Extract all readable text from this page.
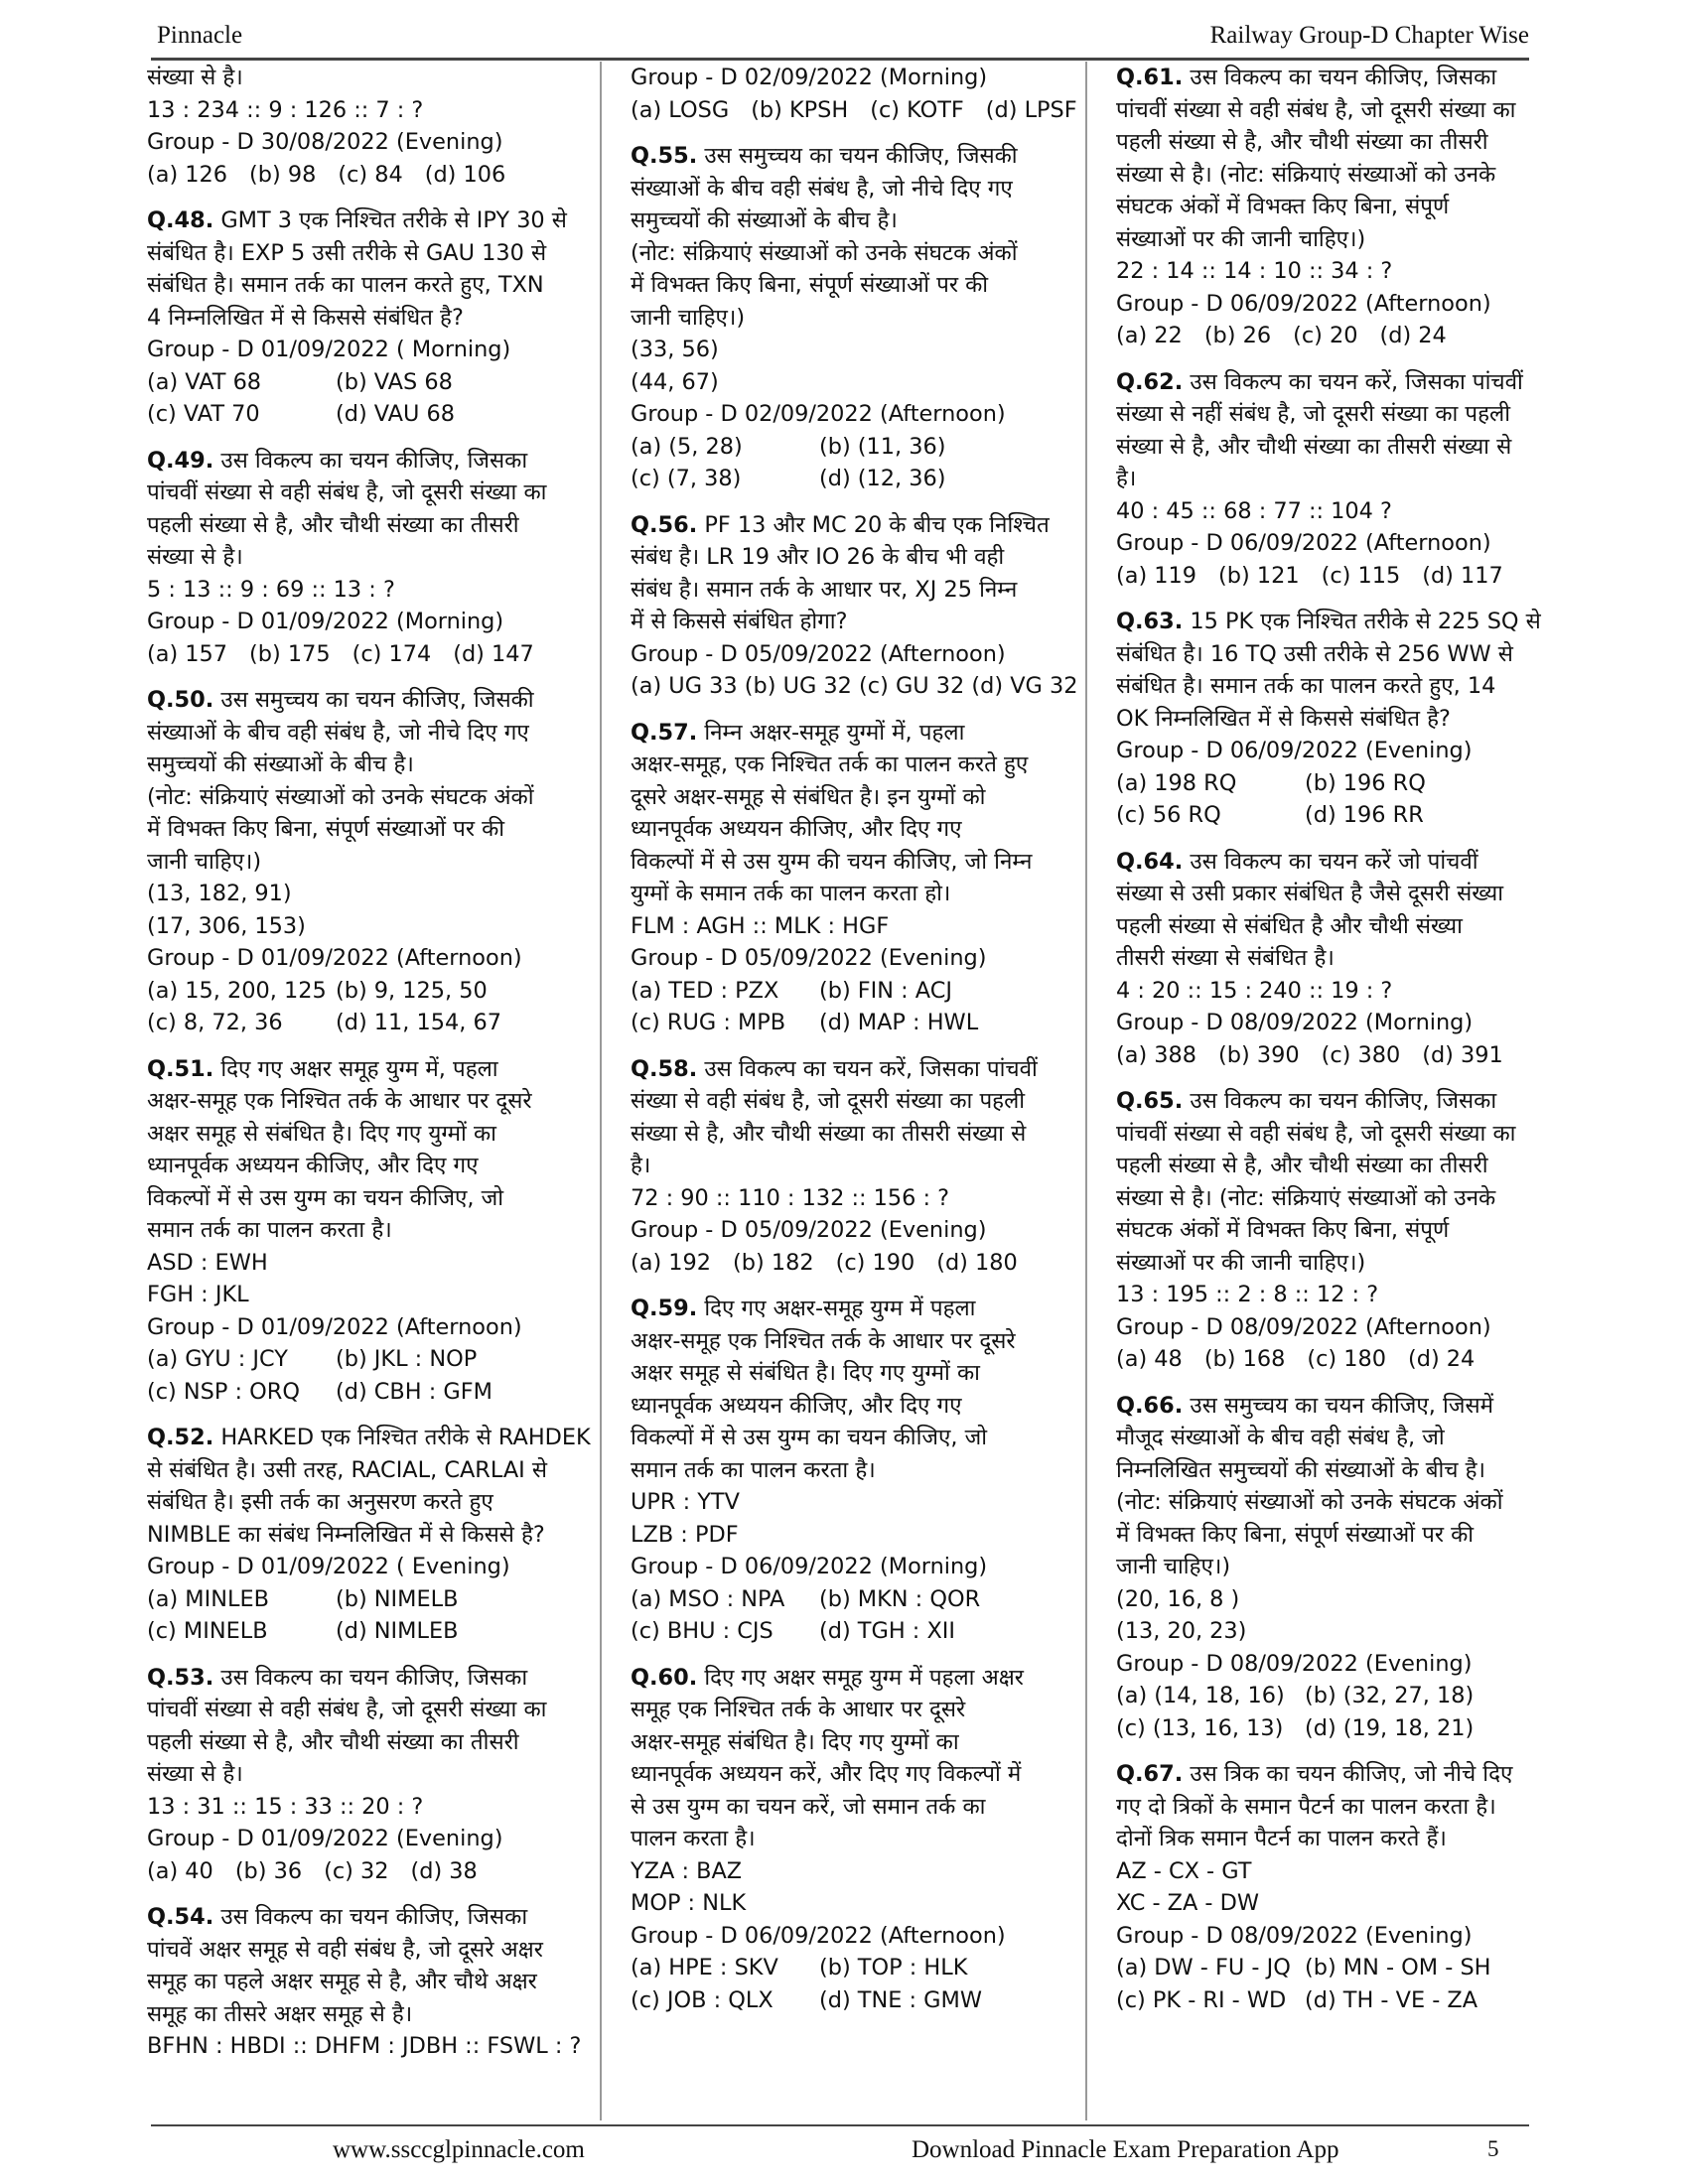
Pinnacle	Railway Group-D Chapter Wise
संख्या से है।
13 : 234 :: 9 : 126 :: 7 : ?
Group - D 30/08/2022 (Evening)
(a) 126 (b) 98 (c) 84 (d) 106
Q.48. GMT 3 एक निश्चित तरीके से IPY 30 से
संबंधित है। EXP 5 उसी तरीके से GAU 130 से
संबंधित है। समान तर्क का पालन करते हुए, TXN
4 निम्नलिखित में से किससे संबंधित है?
Group - D 01/09/2022 ( Morning)
(a) VAT 68	(b) VAS 68
(c) VAT 70	(d) VAU 68
Q.49. उस विकल्प का चयन कीजिए, जिसका
पांचवीं संख्या से वही संबंध है, जो दूसरी संख्या का
पहली संख्या से है, और चौथी संख्या का तीसरी
संख्या से है।
5 : 13 :: 9 : 69 :: 13 : ?
Group - D 01/09/2022 (Morning)
(a) 157 (b) 175 (c) 174 (d) 147
Q.50. उस समुच्चय का चयन कीजिए, जिसकी
संख्याओं के बीच वही संबंध है, जो नीचे दिए गए
समुच्चयों की संख्याओं के बीच है।
(नोट: संक्रियाएं संख्याओं को उनके संघटक अंकों
में विभक्त किए बिना, संपूर्ण संख्याओं पर की
जानी चाहिए।)
(13, 182, 91)
(17, 306, 153)
Group - D 01/09/2022 (Afternoon)
(a) 15, 200, 125 (b) 9, 125, 50
(c) 8, 72, 36	(d) 11, 154, 67
Q.51. दिए गए अक्षर समूह युग्म में, पहला
अक्षर-समूह एक निश्चित तर्क के आधार पर दूसरे
अक्षर समूह से संबंधित है। दिए गए युग्मों का
ध्यानपूर्वक अध्ययन कीजिए, और दिए गए
विकल्पों में से उस युग्म का चयन कीजिए, जो
समान तर्क का पालन करता है।
ASD : EWH
FGH : JKL
Group - D 01/09/2022 (Afternoon)
(a) GYU : JCY	(b) JKL : NOP
(c) NSP : ORQ	(d) CBH : GFM
Q.52. HARKED एक निश्चित तरीके से RAHDEK
से संबंधित है। उसी तरह, RACIAL, CARLAI से
संबंधित है। इसी तर्क का अनुसरण करते हुए
NIMBLE का संबंध निम्नलिखित में से किससे है?
Group - D 01/09/2022 ( Evening)
(a) MINLEB	(b) NIMELB
(c) MINELB	(d) NIMLEB
Q.53. उस विकल्प का चयन कीजिए, जिसका
पांचवीं संख्या से वही संबंध है, जो दूसरी संख्या का
पहली संख्या से है, और चौथी संख्या का तीसरी
संख्या से है।
13 : 31 :: 15 : 33 :: 20 : ?
Group - D 01/09/2022 (Evening)
(a) 40 (b) 36 (c) 32 (d) 38
Q.54. उस विकल्प का चयन कीजिए, जिसका
पांचवें अक्षर समूह से वही संबंध है, जो दूसरे अक्षर
समूह का पहले अक्षर समूह से है, और चौथे अक्षर
समूह का तीसरे अक्षर समूह से है।
BFHN : HBDI :: DHFM : JDBH :: FSWL : ?
Group - D 02/09/2022 (Morning)
(a) LOSG (b) KPSH (c) KOTF (d) LPSF
Q.55. उस समुच्चय का चयन कीजिए, जिसकी
संख्याओं के बीच वही संबंध है, जो नीचे दिए गए
समुच्चयों की संख्याओं के बीच है।
(नोट: संक्रियाएं संख्याओं को उनके संघटक अंकों
में विभक्त किए बिना, संपूर्ण संख्याओं पर की
जानी चाहिए।)
(33, 56)
(44, 67)
Group - D 02/09/2022 (Afternoon)
(a) (5, 28)	(b) (11, 36)
(c) (7, 38)	(d) (12, 36)
Q.56. PF 13 और MC 20 के बीच एक निश्चित
संबंध है। LR 19 और IO 26 के बीच भी वही
संबंध है। समान तर्क के आधार पर, XJ 25 निम्न
में से किससे संबंधित होगा?
Group - D 05/09/2022 (Afternoon)
(a) UG 33 (b) UG 32 (c) GU 32 (d) VG 32
Q.57. निम्न अक्षर-समूह युग्मों में, पहला
अक्षर-समूह, एक निश्चित तर्क का पालन करते हुए
दूसरे अक्षर-समूह से संबंधित है। इन युग्मों को
ध्यानपूर्वक अध्ययन कीजिए, और दिए गए
विकल्पों में से उस युग्म की चयन कीजिए, जो निम्न
युग्मों के समान तर्क का पालन करता हो।
FLM : AGH :: MLK : HGF
Group - D 05/09/2022 (Evening)
(a) TED : PZX	(b) FIN : ACJ
(c) RUG : MPB	(d) MAP : HWL
Q.58. उस विकल्प का चयन करें, जिसका पांचवीं
संख्या से वही संबंध है, जो दूसरी संख्या का पहली
संख्या से है, और चौथी संख्या का तीसरी संख्या से
है।
72 : 90 :: 110 : 132 :: 156 : ?
Group - D 05/09/2022 (Evening)
(a) 192 (b) 182 (c) 190 (d) 180
Q.59. दिए गए अक्षर-समूह युग्म में पहला
अक्षर-समूह एक निश्चित तर्क के आधार पर दूसरे
अक्षर समूह से संबंधित है। दिए गए युग्मों का
ध्यानपूर्वक अध्ययन कीजिए, और दिए गए
विकल्पों में से उस युग्म का चयन कीजिए, जो
समान तर्क का पालन करता है।
UPR : YTV
LZB : PDF
Group - D 06/09/2022 (Morning)
(a) MSO : NPA	(b) MKN : QOR
(c) BHU : CJS	(d) TGH : XII
Q.60. दिए गए अक्षर समूह युग्म में पहला अक्षर
समूह एक निश्चित तर्क के आधार पर दूसरे
अक्षर-समूह संबंधित है। दिए गए युग्मों का
ध्यानपूर्वक अध्ययन करें, और दिए गए विकल्पों में
से उस युग्म का चयन करें, जो समान तर्क का
पालन करता है।
YZA : BAZ
MOP : NLK
Group - D 06/09/2022 (Afternoon)
(a) HPE : SKV	(b) TOP : HLK
(c) JOB : QLX	(d) TNE : GMW
Q.61. उस विकल्प का चयन कीजिए, जिसका
पांचवीं संख्या से वही संबंध है, जो दूसरी संख्या का
पहली संख्या से है, और चौथी संख्या का तीसरी
संख्या से है। (नोट: संक्रियाएं संख्याओं को उनके
संघटक अंकों में विभक्त किए बिना, संपूर्ण
संख्याओं पर की जानी चाहिए।)
22 : 14 :: 14 : 10 :: 34 : ?
Group - D 06/09/2022 (Afternoon)
(a) 22 (b) 26 (c) 20 (d) 24
Q.62. उस विकल्प का चयन करें, जिसका पांचवीं
संख्या से नहीं संबंध है, जो दूसरी संख्या का पहली
संख्या से है, और चौथी संख्या का तीसरी संख्या से
है।
40 : 45 :: 68 : 77 :: 104 ?
Group - D 06/09/2022 (Afternoon)
(a) 119 (b) 121 (c) 115 (d) 117
Q.63. 15 PK एक निश्चित तरीके से 225 SQ से
संबंधित है। 16 TQ उसी तरीके से 256 WW से
संबंधित है। समान तर्क का पालन करते हुए, 14
OK निम्नलिखित में से किससे संबंधित है?
Group - D 06/09/2022 (Evening)
(a) 198 RQ	(b) 196 RQ
(c) 56 RQ	(d) 196 RR
Q.64. उस विकल्प का चयन करें जो पांचवीं
संख्या से उसी प्रकार संबंधित है जैसे दूसरी संख्या
पहली संख्या से संबंधित है और चौथी संख्या
तीसरी संख्या से संबंधित है।
4 : 20 :: 15 : 240 :: 19 : ?
Group - D 08/09/2022 (Morning)
(a) 388 (b) 390 (c) 380 (d) 391
Q.65. उस विकल्प का चयन कीजिए, जिसका
पांचवीं संख्या से वही संबंध है, जो दूसरी संख्या का
पहली संख्या से है, और चौथी संख्या का तीसरी
संख्या से है। (नोट: संक्रियाएं संख्याओं को उनके
संघटक अंकों में विभक्त किए बिना, संपूर्ण
संख्याओं पर की जानी चाहिए।)
13 : 195 :: 2 : 8 :: 12 : ?
Group - D 08/09/2022 (Afternoon)
(a) 48 (b) 168 (c) 180 (d) 24
Q.66. उस समुच्चय का चयन कीजिए, जिसमें
मौजूद संख्याओं के बीच वही संबंध है, जो
निम्नलिखित समुच्चयों की संख्याओं के बीच है।
(नोट: संक्रियाएं संख्याओं को उनके संघटक अंकों
में विभक्त किए बिना, संपूर्ण संख्याओं पर की
जानी चाहिए।)
(20, 16, 8 )
(13, 20, 23)
Group - D 08/09/2022 (Evening)
(a) (14, 18, 16) (b) (32, 27, 18)
(c) (13, 16, 13) (d) (19, 18, 21)
Q.67. उस त्रिक का चयन कीजिए, जो नीचे दिए
गए दो त्रिकों के समान पैटर्न का पालन करता है।
दोनों त्रिक समान पैटर्न का पालन करते हैं।
AZ - CX - GT
XC - ZA - DW
Group - D 08/09/2022 (Evening)
(a) DW - FU - JQ (b) MN - OM - SH
(c) PK - RI - WD (d) TH - VE - ZA
www.ssccglpinnacle.com	Download Pinnacle Exam Preparation App	5
